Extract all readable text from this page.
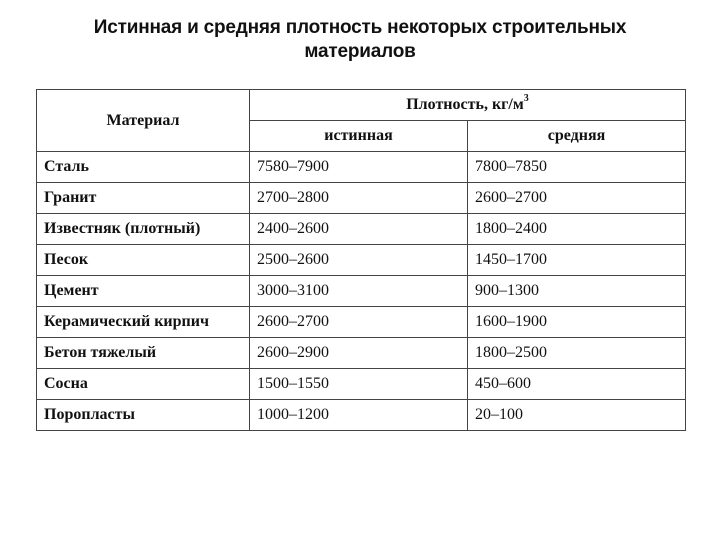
Истинная и средняя плотность некоторых строительных
материалов
Материал	Плотность, $кг/м^3$
	истинная	средняя
Сталь	7580–7900	7800–7850
Гранит	2700–2800	2600–2700
Известняк (плотный)	2400–2600	1800–2400
Песок	2500–2600	1450–1700
Цемент	3000–3100	900–1300
Керамический кирпич	2600–2700	1600–1900
Бетон тяжелый	2600–2900	1800–2500
Сосна	1500–1550	450–600
Поропласты	1000–1200	20–100
